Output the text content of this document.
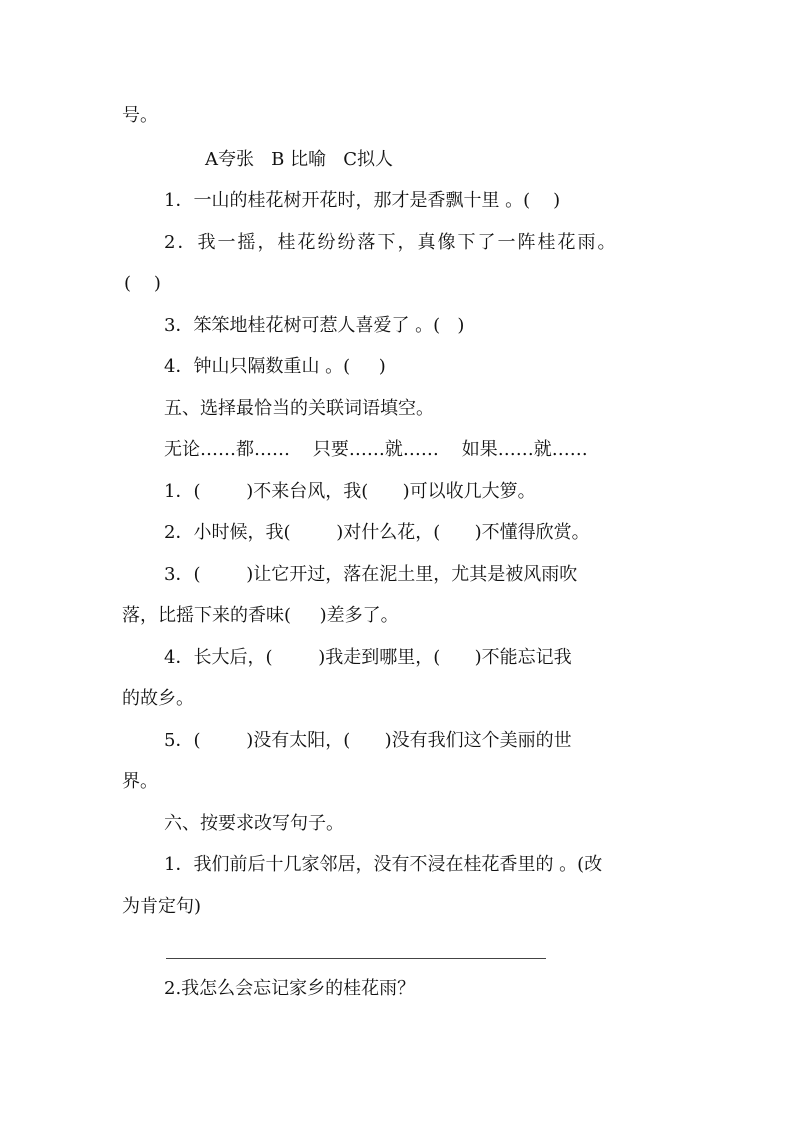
号。

A夸张   B 比喻   C拟人

1．一山的桂花树开花时，那才是香飘十里 。(    )

2．我一摇，桂花纷纷落下，真像下了一阵桂花雨。

(    )

3．笨笨地桂花树可惹人喜爱了 。(   )

4．钟山只隔数重山 。(     )

五、选择最恰当的关联词语填空。

无论……都……    只要……就……    如果……就……

1．(        )不来台风，我(      )可以收几大箩。

2．小时候，我(        )对什么花，(      )不懂得欣赏。

3．(        )让它开过，落在泥土里，尤其是被风雨吹

落，比摇下来的香味(     )差多了。

4．长大后，(        )我走到哪里，(      )不能忘记我

的故乡。

5．(        )没有太阳，(      )没有我们这个美丽的世

界。

六、按要求改写句子。

1．我们前后十几家邻居，没有不浸在桂花香里的 。(改

为肯定句)

2.我怎么会忘记家乡的桂花雨？
